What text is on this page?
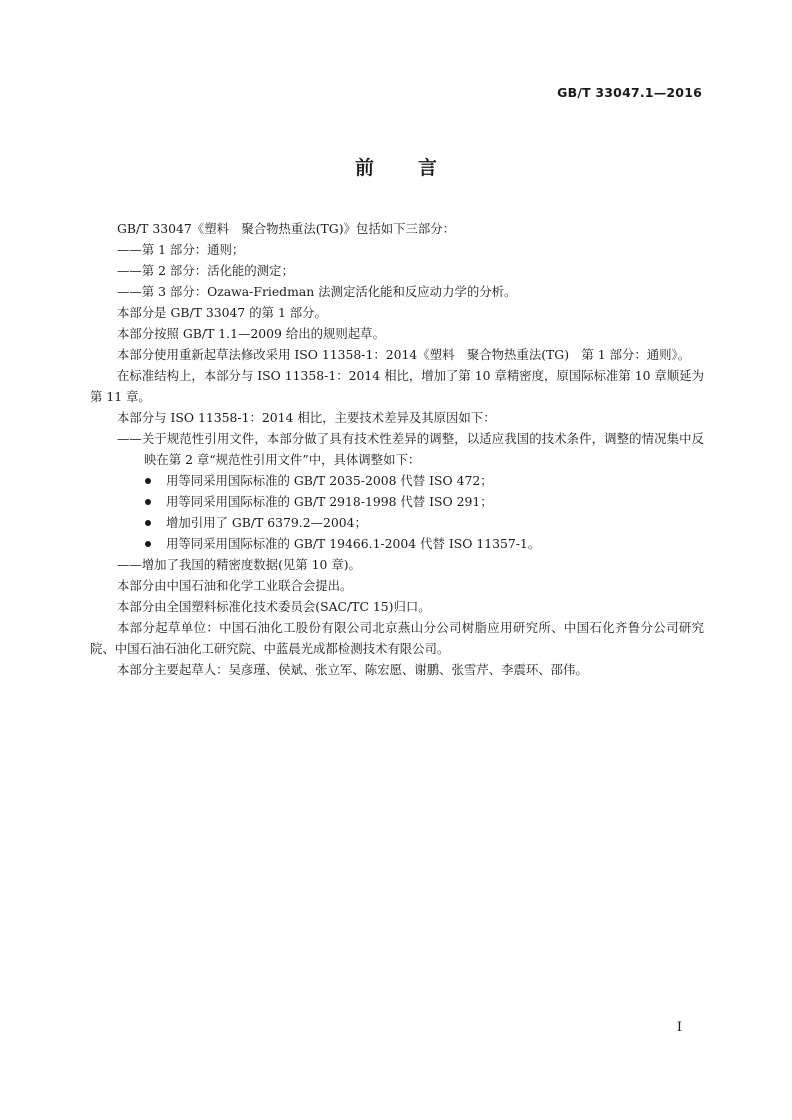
GB/T 33047.1—2016
前言

GB/T 33047《塑料　聚合物热重法(TG)》包括如下三部分：

——第 1 部分：通则；

——第 2 部分：活化能的测定；

——第 3 部分：Ozawa-Friedman 法测定活化能和反应动力学的分析。

本部分是 GB/T 33047 的第 1 部分。

本部分按照 GB/T 1.1—2009 给出的规则起草。

本部分使用重新起草法修改采用 ISO 11358-1：2014《塑料　聚合物热重法(TG)　第 1 部分：通则》。

在标准结构上，本部分与 ISO 11358-1：2014 相比，增加了第 10 章精密度，原国际标准第 10 章顺延为第 11 章。

本部分与 ISO 11358-1：2014 相比，主要技术差异及其原因如下：

——关于规范性引用文件，本部分做了具有技术性差异的调整，以适应我国的技术条件，调整的情况集中反映在第 2 章“规范性引用文件”中，具体调整如下：

用等同采用国际标准的 GB/T 2035-2008 代替 ISO 472；
用等同采用国际标准的 GB/T 2918-1998 代替 ISO 291；
增加引用了 GB/T 6379.2—2004；
用等同采用国际标准的 GB/T 19466.1-2004 代替 ISO 11357-1。

——增加了我国的精密度数据(见第 10 章)。

本部分由中国石油和化学工业联合会提出。

本部分由全国塑料标准化技术委员会(SAC/TC 15)归口。

本部分起草单位：中国石油化工股份有限公司北京燕山分公司树脂应用研究所、中国石化齐鲁分公司研究院、中国石油石油化工研究院、中蓝晨光成都检测技术有限公司。

本部分主要起草人：吴彦瑾、侯斌、张立军、陈宏愿、谢鹏、张雪芹、李震环、邵伟。

I
